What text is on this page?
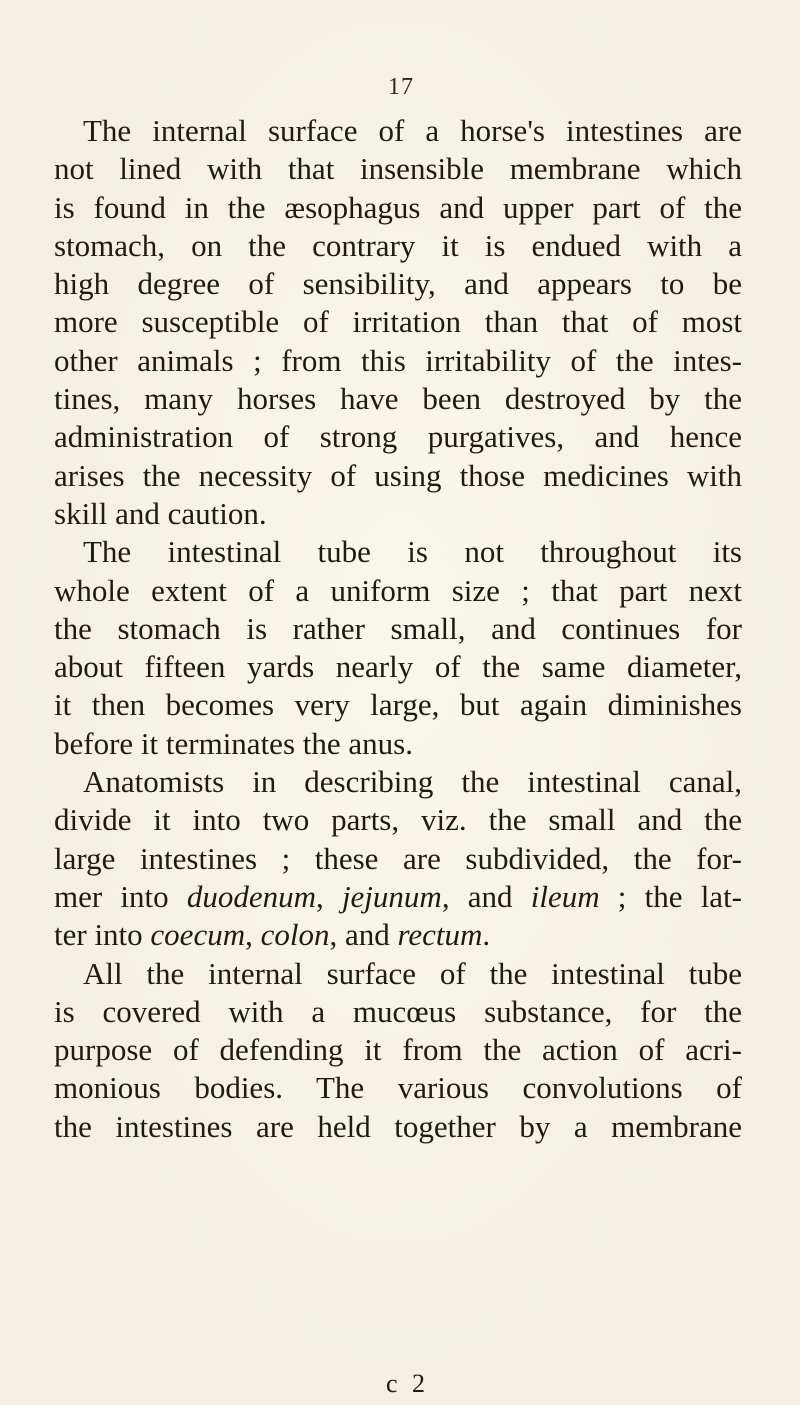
17
The internal surface of a horse's intestines are
not lined with that insensible membrane which
is found in the æsophagus and upper part of the
stomach, on the contrary it is endued with a
high degree of sensibility, and appears to be
more susceptible of irritation than that of most
other animals ; from this irritability of the intes-
tines, many horses have been destroyed by the
administration of strong purgatives, and hence
arises the necessity of using those medicines with
skill and caution.
The intestinal tube is not throughout its
whole extent of a uniform size ; that part next
the stomach is rather small, and continues for
about fifteen yards nearly of the same diameter,
it then becomes very large, but again diminishes
before it terminates the anus.
Anatomists in describing the intestinal canal,
divide it into two parts, viz. the small and the
large intestines ; these are subdivided, the for-
mer into duodenum, jejunum, and ileum ; the lat-
ter into coecum, colon, and rectum.
All the internal surface of the intestinal tube
is covered with a mucœus substance, for the
purpose of defending it from the action of acri-
monious bodies. The various convolutions of
the intestines are held together by a membrane
c 2
